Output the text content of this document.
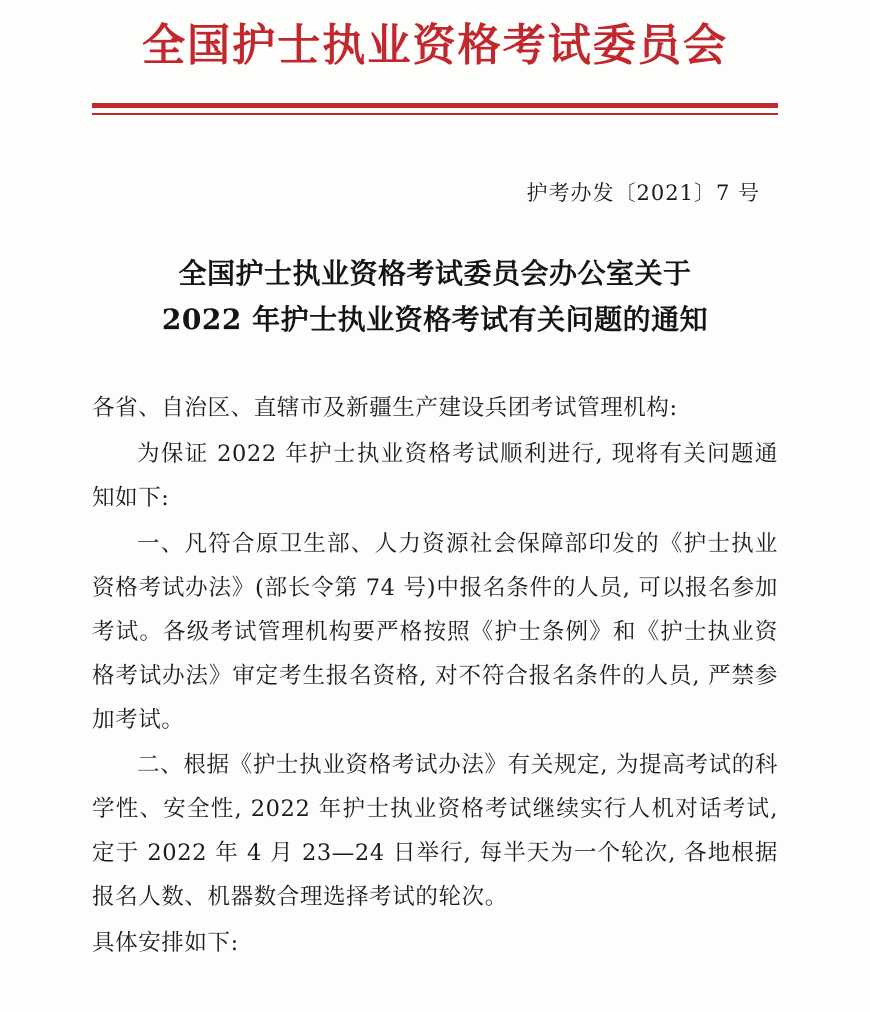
全国护士执业资格考试委员会
护考办发〔2021〕7 号
全国护士执业资格考试委员会办公室关于
2022 年护士执业资格考试有关问题的通知

各省、自治区、直辖市及新疆生产建设兵团考试管理机构:

为保证 2022 年护士执业资格考试顺利进行, 现将有关问题通知如下:

一、凡符合原卫生部、人力资源社会保障部印发的《护士执业资格考试办法》(部长令第 74 号)中报名条件的人员, 可以报名参加考试。各级考试管理机构要严格按照《护士条例》和《护士执业资格考试办法》审定考生报名资格, 对不符合报名条件的人员, 严禁参加考试。

二、根据《护士执业资格考试办法》有关规定, 为提高考试的科学性、安全性, 2022 年护士执业资格考试继续实行人机对话考试, 定于 2022 年 4 月 23—24 日举行, 每半天为一个轮次, 各地根据报名人数、机器数合理选择考试的轮次。

具体安排如下:
